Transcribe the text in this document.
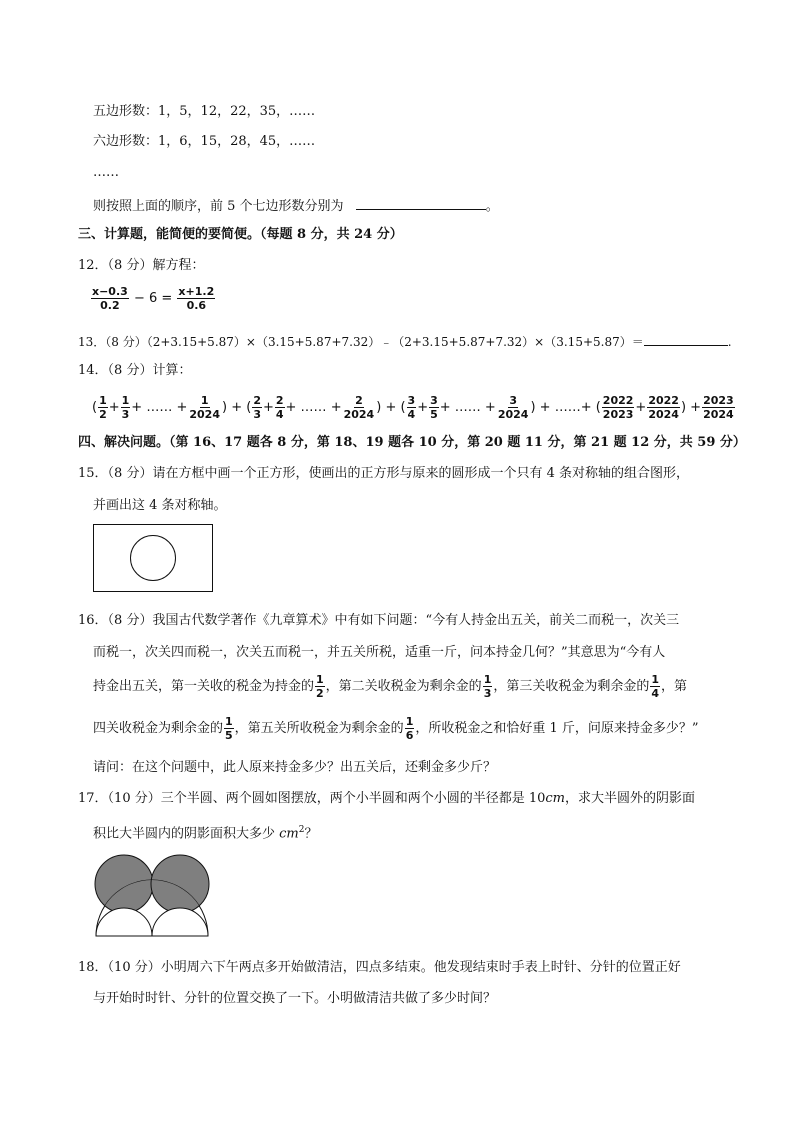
五边形数：1，5，12，22，35，……
六边形数：1，6，15，28，45，……
……
则按照上面的顺序，前 5 个七边形数分别为	。
三、计算题，能简便的要简便。（每题 8 分，共 24 分）
12．（8 分）解方程：
$\frac{x-0.3}{0.2} - 6 = \frac{x+1.2}{0.6}$
13．（8 分）（2+3.15+5.87）×（3.15+5.87+7.32）﹣（2+3.15+5.87+7.32）×（3.15+5.87）＝	.
14．（8 分）计算：
( $\frac{1}{2} + \frac{1}{3}$ + …… + $\frac{1}{2024}$ ) + ( $\frac{2}{3} + \frac{2}{4}$ + …… + $\frac{2}{2024}$ ) + ( $\frac{3}{4} + \frac{3}{5}$ + …… + $\frac{3}{2024}$ ) + ……+ ( $\frac{2022}{2023} + \frac{2022}{2024}$ ) + $\frac{2023}{2024}$
四、解决问题。（第 16、17 题各 8 分，第 18、19 题各 10 分，第 20 题 11 分，第 21 题 12 分，共 59 分）
15．（8 分）请在方框中画一个正方形，使画出的正方形与原来的圆形成一个只有 4 条对称轴的组合图形，
并画出这 4 条对称轴。
16．（8 分）我国古代数学著作《九章算术》中有如下问题：“今有人持金出五关，前关二而税一，次关三
而税一，次关四而税一，次关五而税一，并五关所税，适重一斤，问本持金几何？”其意思为“今有人
持金出五关，第一关收的税金为持金的 $\frac{1}{2}$ ，第二关收税金为剩余金的 $\frac{1}{3}$ ，第三关收税金为剩余金的 $\frac{1}{4}$ ，第
四关收税金为剩余金的 $\frac{1}{5}$ ，第五关所收税金为剩余金的 $\frac{1}{6}$ ，所收税金之和恰好重 1 斤，问原来持金多少？”
请问：在这个问题中，此人原来持金多少？出五关后，还剩金多少斤？
17．（10 分）三个半圆、两个圆如图摆放，两个小半圆和两个小圆的半径都是 10cm，求大半圆外的阴影面
积比大半圆内的阴影面积大多少 $cm^2$？
18．（10 分）小明周六下午两点多开始做清洁，四点多结束。他发现结束时手表上时针、分针的位置正好
与开始时时针、分针的位置交换了一下。小明做清洁共做了多少时间？
